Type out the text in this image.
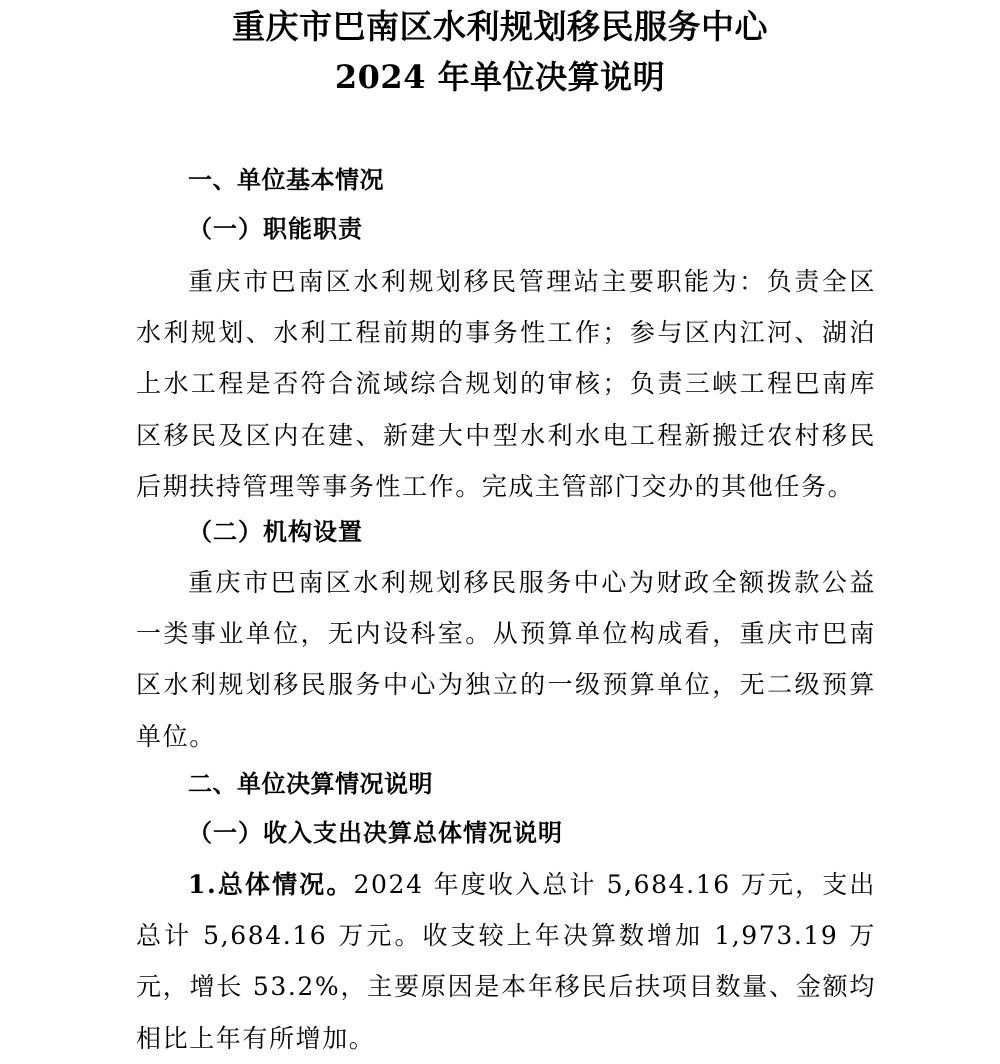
重庆市巴南区水利规划移民服务中心
2024 年单位决算说明
一、单位基本情况
（一）职能职责

重庆市巴南区水利规划移民管理站主要职能为：负责全区水利规划、水利工程前期的事务性工作；参与区内江河、湖泊上水工程是否符合流域综合规划的审核；负责三峡工程巴南库区移民及区内在建、新建大中型水利水电工程新搬迁农村移民后期扶持管理等事务性工作。完成主管部门交办的其他任务。

（二）机构设置

重庆市巴南区水利规划移民服务中心为财政全额拨款公益一类事业单位，无内设科室。从预算单位构成看，重庆市巴南区水利规划移民服务中心为独立的一级预算单位，无二级预算单位。

二、单位决算情况说明
（一）收入支出决算总体情况说明

1.总体情况。2024 年度收入总计 5,684.16 万元，支出总计 5,684.16 万元。收支较上年决算数增加 1,973.19 万元，增长 53.2%，主要原因是本年移民后扶项目数量、金额均相比上年有所增加。
